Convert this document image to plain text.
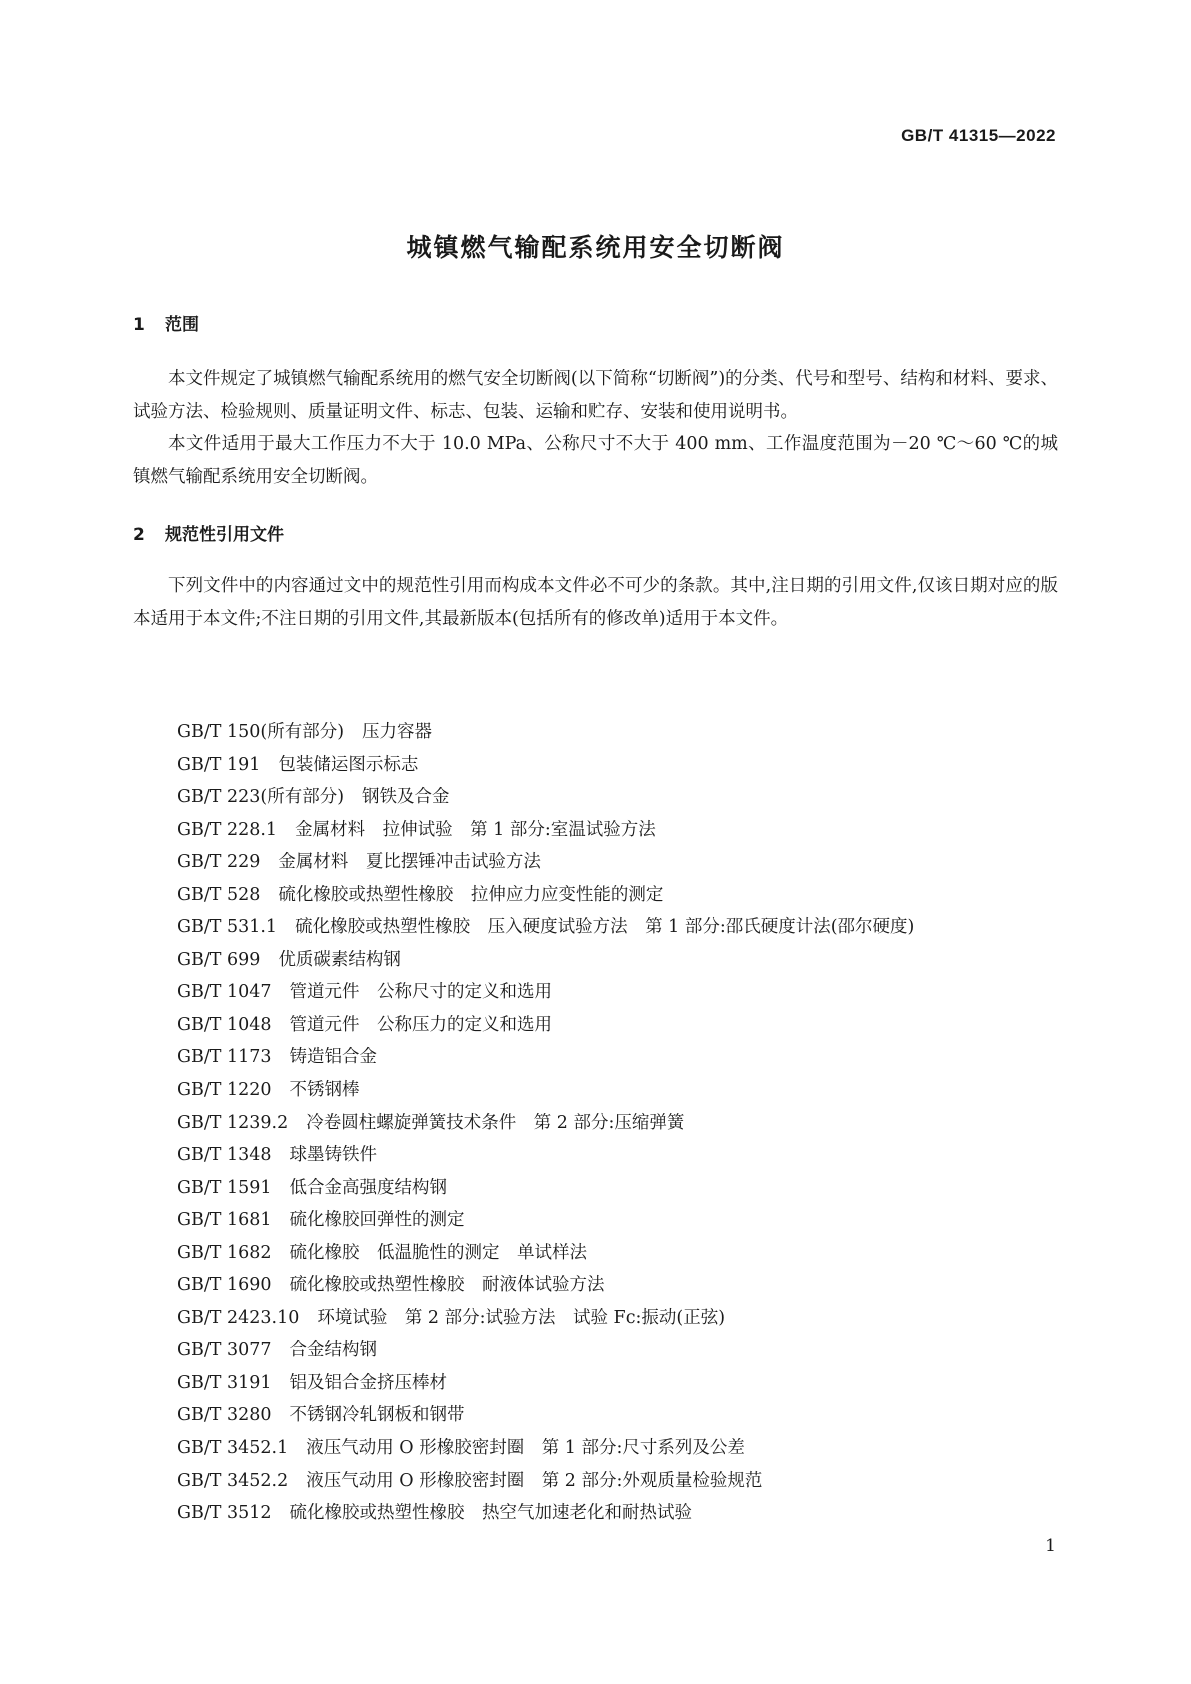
GB/T 41315—2022
城镇燃气输配系统用安全切断阀
1 范围

本文件规定了城镇燃气输配系统用的燃气安全切断阀(以下简称“切断阀”)的分类、代号和型号、结构和材料、要求、试验方法、检验规则、质量证明文件、标志、包装、运输和贮存、安装和使用说明书。

本文件适用于最大工作压力不大于 10.0 MPa、公称尺寸不大于 400 mm、工作温度范围为－20 ℃～60 ℃的城镇燃气输配系统用安全切断阀。

2 规范性引用文件

下列文件中的内容通过文中的规范性引用而构成本文件必不可少的条款。其中,注日期的引用文件,仅该日期对应的版本适用于本文件;不注日期的引用文件,其最新版本(包括所有的修改单)适用于本文件。

GB/T 150(所有部分) 压力容器
GB/T 191 包装储运图示标志
GB/T 223(所有部分) 钢铁及合金
GB/T 228.1 金属材料　拉伸试验　第 1 部分:室温试验方法
GB/T 229 金属材料　夏比摆锤冲击试验方法
GB/T 528 硫化橡胶或热塑性橡胶　拉伸应力应变性能的测定
GB/T 531.1 硫化橡胶或热塑性橡胶　压入硬度试验方法　第 1 部分:邵氏硬度计法(邵尔硬度)
GB/T 699 优质碳素结构钢
GB/T 1047 管道元件　公称尺寸的定义和选用
GB/T 1048 管道元件　公称压力的定义和选用
GB/T 1173 铸造铝合金
GB/T 1220 不锈钢棒
GB/T 1239.2 冷卷圆柱螺旋弹簧技术条件　第 2 部分:压缩弹簧
GB/T 1348 球墨铸铁件
GB/T 1591 低合金高强度结构钢
GB/T 1681 硫化橡胶回弹性的测定
GB/T 1682 硫化橡胶　低温脆性的测定　单试样法
GB/T 1690 硫化橡胶或热塑性橡胶　耐液体试验方法
GB/T 2423.10 环境试验　第 2 部分:试验方法　试验 Fc:振动(正弦)
GB/T 3077 合金结构钢
GB/T 3191 铝及铝合金挤压棒材
GB/T 3280 不锈钢冷轧钢板和钢带
GB/T 3452.1 液压气动用 O 形橡胶密封圈　第 1 部分:尺寸系列及公差
GB/T 3452.2 液压气动用 O 形橡胶密封圈　第 2 部分:外观质量检验规范
GB/T 3512 硫化橡胶或热塑性橡胶　热空气加速老化和耐热试验
1
